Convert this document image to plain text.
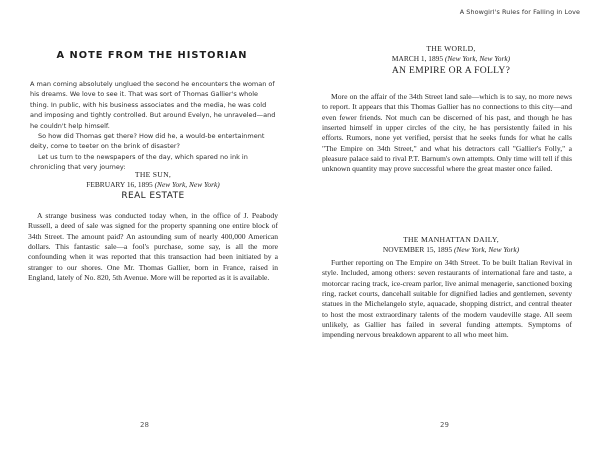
A NOTE FROM THE HISTORIAN

A man coming absolutely unglued the second he encounters the woman of his dreams. We love to see it. That was sort of Thomas Gallier's whole thing. In public, with his business associates and the media, he was cold and imposing and tightly controlled. But around Evelyn, he unraveled—and he couldn't help himself.

So how did Thomas get there? How did he, a would-be entertainment deity, come to teeter on the brink of disaster?

Let us turn to the newspapers of the day, which spared no ink in chronicling that very journey:

THE SUN,
FEBRUARY 16, 1895 (New York, New York)
REAL ESTATE

A strange business was conducted today when, in the office of J. Peabody Russell, a deed of sale was signed for the property spanning one entire block of 34th Street. The amount paid? An astounding sum of nearly 400,000 American dollars. This fantastic sale—a fool's purchase, some say, is all the more confounding when it was reported that this transaction had been initiated by a stranger to our shores. One Mr. Thomas Gallier, born in France, raised in England, lately of No. 820, 5th Avenue. More will be reported as it is available.

28
A Showgirl's Rules for Falling in Love
THE WORLD,
MARCH 1, 1895 (New York, New York)
AN EMPIRE OR A FOLLY?

More on the affair of the 34th Street land sale—which is to say, no more news to report. It appears that this Thomas Gallier has no connections to this city—and even fewer friends. Not much can be discerned of his past, and though he has inserted himself in upper circles of the city, he has persistently failed in his efforts. Rumors, none yet verified, persist that he seeks funds for what he calls "The Empire on 34th Street," and what his detractors call "Gallier's Folly," a pleasure palace said to rival P.T. Barnum's own attempts. Only time will tell if this unknown quantity may prove successful where the great master once failed.

THE MANHATTAN DAILY,
NOVEMBER 15, 1895 (New York, New York)

Further reporting on The Empire on 34th Street. To be built Italian Revival in style. Included, among others: seven restaurants of international fare and taste, a motorcar racing track, ice-cream parlor, live animal menagerie, sanctioned boxing ring, racket courts, dancehall suitable for dignified ladies and gentlemen, seventy statues in the Michelangelo style, aquacade, shopping district, and central theater to host the most extraordinary talents of the modern vaudeville stage. All seem unlikely, as Gallier has failed in several funding attempts. Symptoms of impending nervous breakdown apparent to all who meet him.

29
